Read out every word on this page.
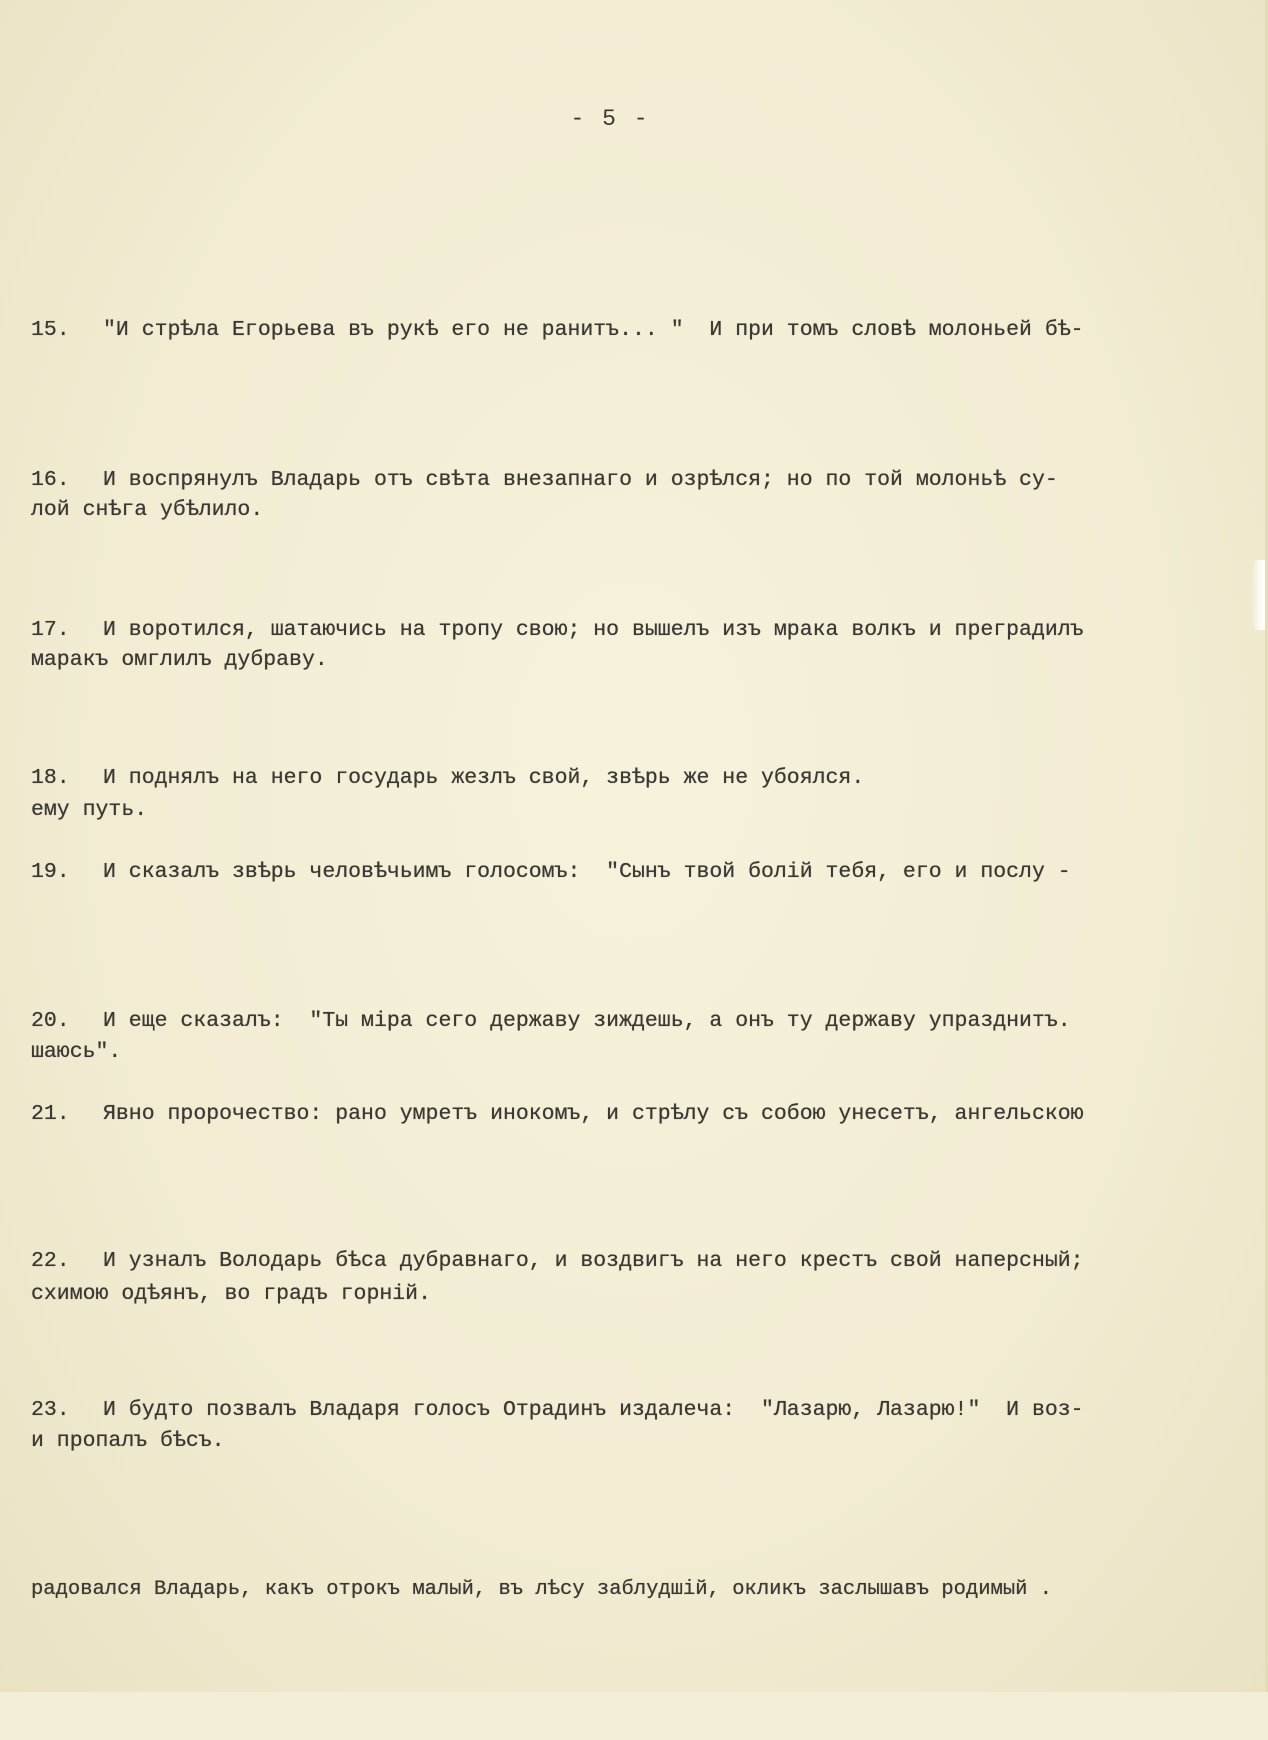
- 5 -

15. "И стрѣла Егорьева въ рукѣ его не ранитъ... "  И при томъ словѣ молоньей бѣ-

лой снѣга убѣлило.

16. И воспрянулъ Владарь отъ свѣта внезапнаго и озрѣлся; но по той молоньѣ су-

маракъ омглилъ дубраву.

17. И воротился, шатаючись на тропу свою; но вышелъ изъ мрака волкъ и преградилъ

ему путь.

18. И поднялъ на него государь жезлъ свой, звѣрь же не убоялся.

19. И сказалъ звѣрь человѣчьимъ голосомъ:  "Сынъ твой болiй тебя, его и послу -

шаюсь".

20. И еще сказалъ:  "Ты мiра сего державу зиждешь, а онъ ту державу упразднитъ.

21. Явно пророчество: рано умретъ инокомъ, и стрѣлу съ собою унесетъ, ангельскою

схимою одѣянъ, во градъ горнiй.

22. И узналъ Володарь бѣса дубравнаго, и воздвигъ на него крестъ свой наперсный;

и пропалъ бѣсъ.

23. И будто позвалъ Владаря голосъ Отрадинъ издалеча:  "Лазарю, Лазарю!"  И воз-

радовался Владарь, какъ отрокъ малый, въ лѣсу заблудшiй, окликъ заслышавъ родимый .
